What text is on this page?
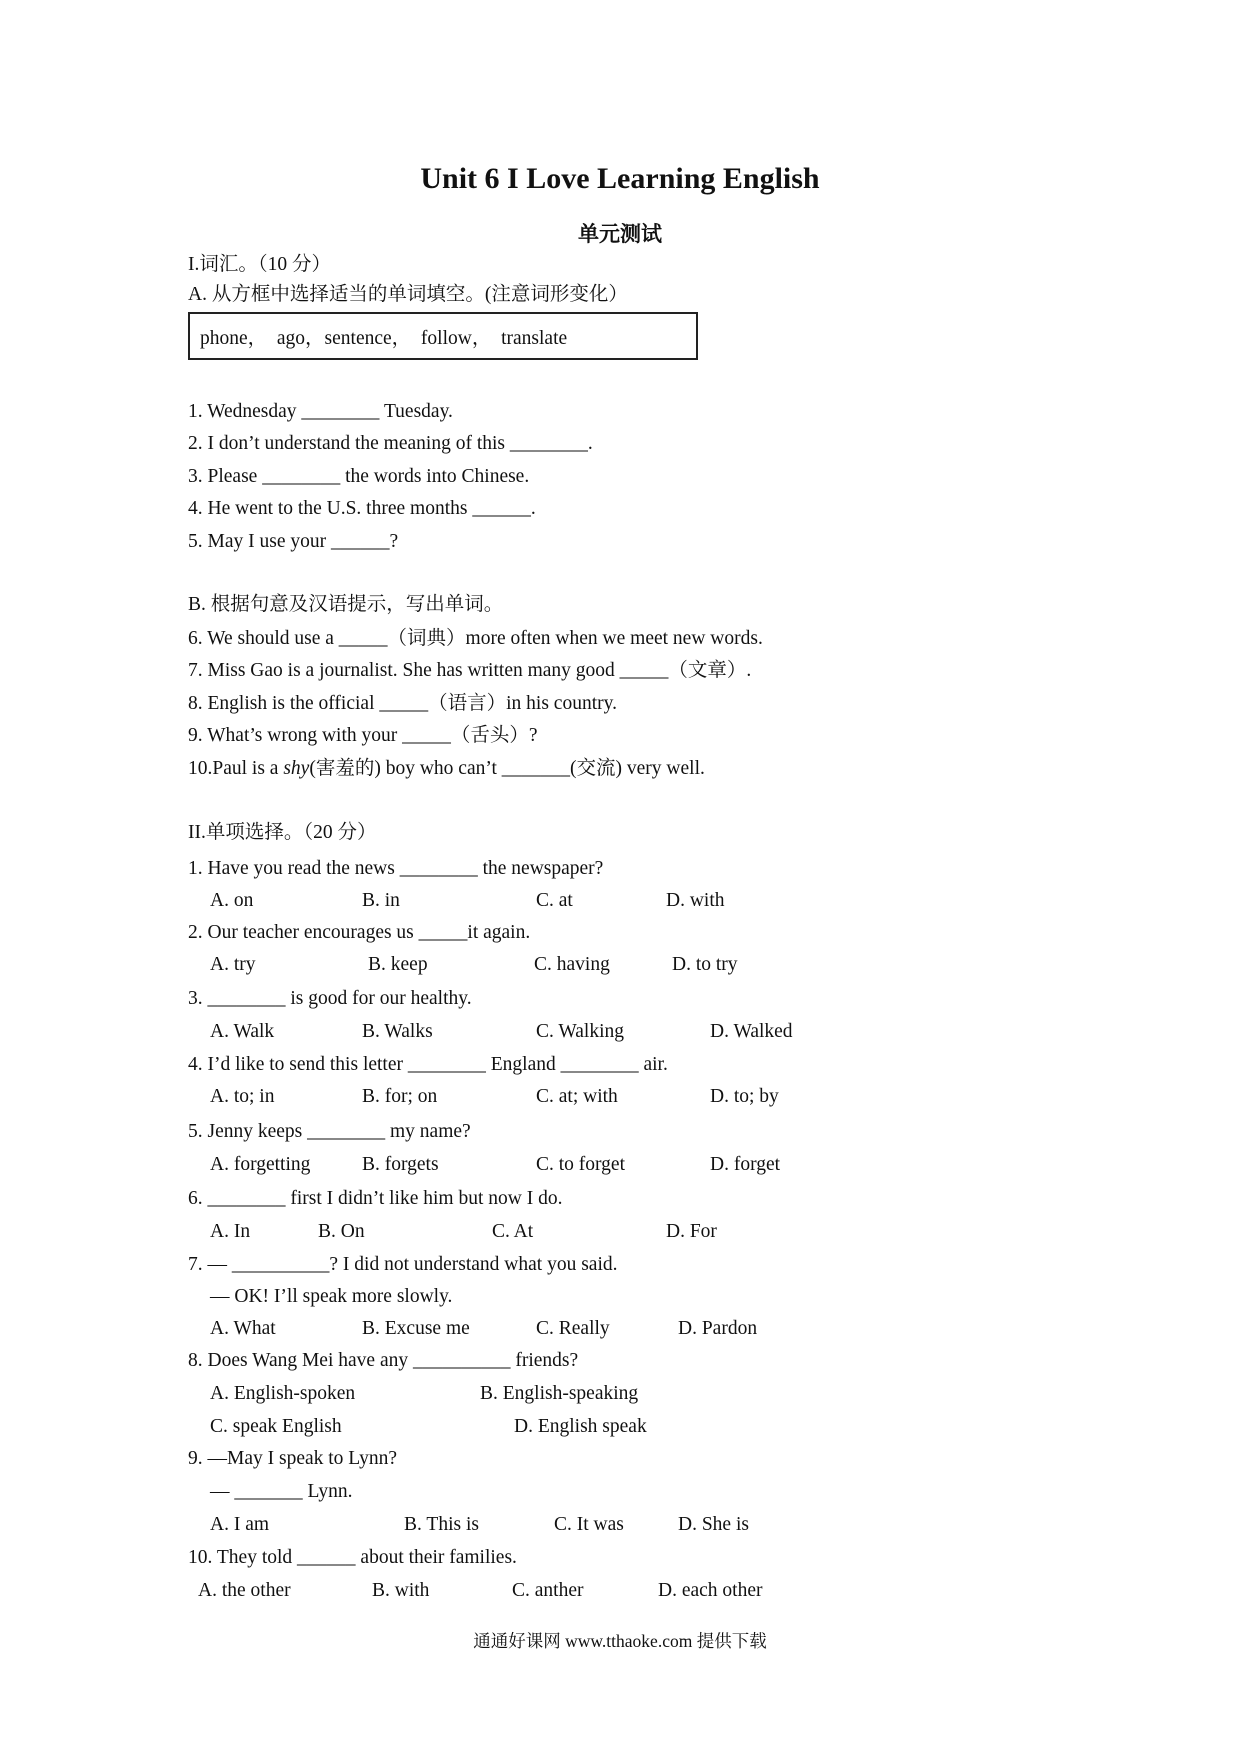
Unit 6 I Love Learning English
单元测试
I.词汇。（10 分）
A. 从方框中选择适当的单词填空。(注意词形变化）
phone，  ago，sentence，  follow，  translate
1. Wednesday ________ Tuesday.
2. I don’t understand the meaning of this ________.
3. Please ________ the words into Chinese.
4. He went to the U.S. three months ______.
5. May I use your ______?
B. 根据句意及汉语提示，写出单词。
6. We should use a _____（词典）more often when we meet new words.
7. Miss Gao is a journalist. She has written many good _____（文章）.
8. English is the official _____（语言）in his country.
9. What’s wrong with your _____（舌头）?
10.Paul is a shy(害羞的) boy who can’t _______(交流) very well.
II.单项选择。（20 分）
1. Have you read the news ________ the newspaper?
A. on	B. in	C. at	D. with
2. Our teacher encourages us _____it again.
A. try	B. keep	C. having	D. to try
3. ________ is good for our healthy.
A. Walk	B. Walks	C. Walking	D. Walked
4. I’d like to send this letter ________ England ________ air.
A. to; in	B. for; on	C. at; with	D. to; by
5. Jenny keeps ________ my name?
A. forgetting	B. forgets	C. to forget	D. forget
6. ________ first I didn’t like him but now I do.
A. In	B. On	C. At	D. For
7. — __________? I did not understand what you said.
— OK! I’ll speak more slowly.
A. What	B. Excuse me	C. Really	D. Pardon
8. Does Wang Mei have any __________ friends?
A. English-spoken	B. English-speaking
C. speak English	D. English speak
9. —May I speak to Lynn?
— _______ Lynn.
A. I am	B. This is	C. It was	D. She is
10. They told ______ about their families.
A. the other	B. with	C. anther	D. each other
通通好课网 www.tthaoke.com 提供下载
